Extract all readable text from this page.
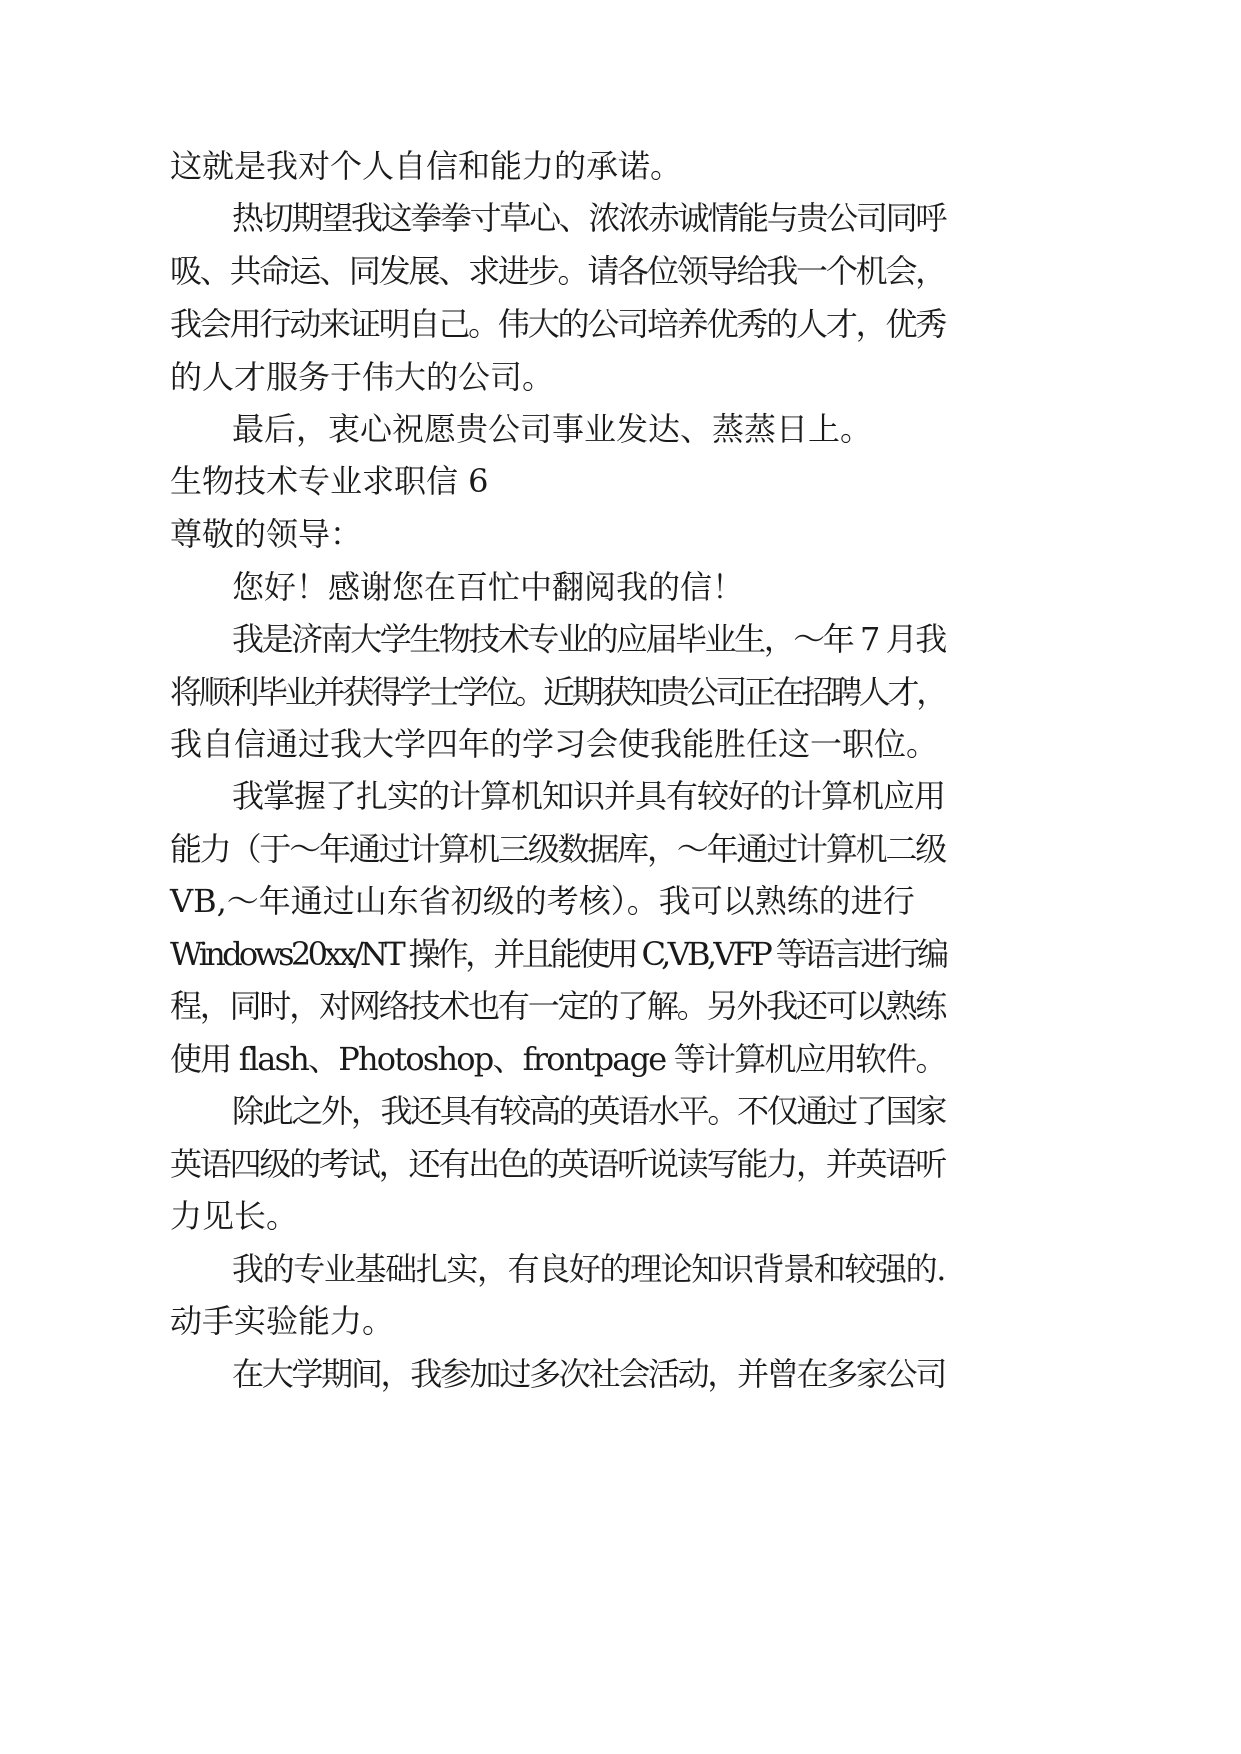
这就是我对个人自信和能力的承诺。
热切期望我这拳拳寸草心、浓浓赤诚情能与贵公司同呼
吸、共命运、同发展、求进步。请各位领导给我一个机会，
我会用行动来证明自己。伟大的公司培养优秀的人才，优秀
的人才服务于伟大的公司。
最后，衷心祝愿贵公司事业发达、蒸蒸日上。
生物技术专业求职信 6
尊敬的领导：
您好！感谢您在百忙中翻阅我的信！
我是济南大学生物技术专业的应届毕业生，～年 7 月我
将顺利毕业并获得学士学位。近期获知贵公司正在招聘人才，
我自信通过我大学四年的学习会使我能胜任这一职位。
我掌握了扎实的计算机知识并具有较好的计算机应用
能力（于～年通过计算机三级数据库，～年通过计算机二级
VB,～年通过山东省初级的考核）。我可以熟练的进行
Windows20xx/NT 操作，并且能使用 C,VB,VFP 等语言进行编
程，同时，对网络技术也有一定的了解。另外我还可以熟练
使用 flash、Photoshop、frontpage 等计算机应用软件。
除此之外，我还具有较高的英语水平。不仅通过了国家
英语四级的考试，还有出色的英语听说读写能力，并英语听
力见长。
我的专业基础扎实，有良好的理论知识背景和较强的.
动手实验能力。
在大学期间，我参加过多次社会活动，并曾在多家公司
